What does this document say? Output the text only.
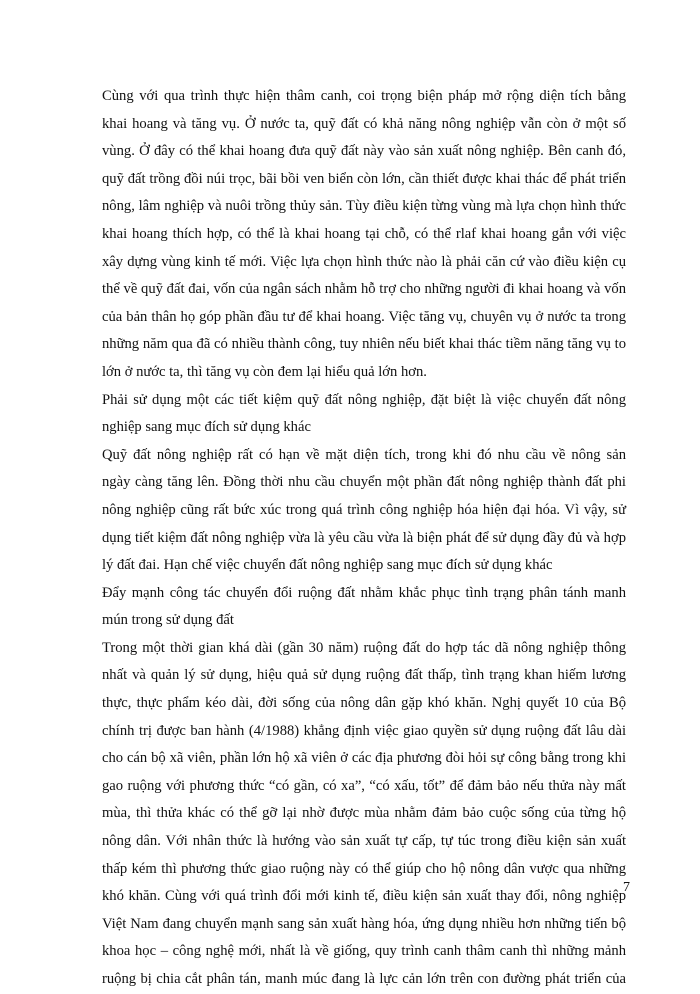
Cùng với qua trình thực hiện thâm canh, coi trọng biện pháp mở rộng diện tích bằng
khai hoang và tăng vụ. Ở nước ta, quỹ đất có khả năng nông nghiệp vẫn còn ở một số
vùng. Ở đây có thể khai hoang đưa quỹ đất này vào sản xuất nông nghiệp. Bên canh đó,
quỹ đất trồng đồi núi trọc, bãi bồi ven biển còn lớn, cần thiết được khai thác để phát triển
nông, lâm nghiệp và nuôi trồng thủy sản. Tùy điều kiện từng vùng mà lựa chọn hình thức
khai hoang thích hợp, có thể là khai hoang tại chỗ, có thể rlaf khai hoang gắn với việc
xây dựng vùng kinh tế mới. Việc lựa chọn hình thức nào là phải căn cứ vào điều kiện cụ
thể về quỹ đất đai, vốn của ngân sách nhằm hỗ trợ cho những người đi khai hoang và vốn
của bản thân họ góp phần đầu tư để khai hoang. Việc tăng vụ, chuyên vụ ở nước ta trong
những năm qua đã có nhiều thành công, tuy nhiên nếu biết khai thác tiềm năng tăng vụ to
lớn ở nước ta, thì tăng vụ còn đem lại hiểu quả lớn hơn.

Phải sử dụng một các tiết kiệm quỹ đất nông nghiệp, đặt biệt là việc chuyển đất nông
nghiệp sang mục đích sử dụng khác

Quỹ đất nông nghiệp rất có hạn về mặt diện tích, trong khi đó nhu cầu về nông sản
ngày càng tăng lên. Đồng thời nhu cầu chuyển một phần đất nông nghiệp thành đất phi
nông nghiệp cũng rất bức xúc trong quá trình công nghiệp hóa hiện đại hóa. Vì vậy, sử
dụng tiết kiệm đất nông nghiệp vừa là yêu cầu vừa là biện phát để sử dụng đầy đủ và hợp
lý đất đai. Hạn chế việc chuyển đất nông nghiệp sang mục đích sử dụng khác

Đẩy mạnh công tác chuyển đổi ruộng đất nhằm khắc phục tình trạng phân tánh manh
mún trong sử dụng đất

Trong một thời gian khá dài (gần 30 năm) ruộng đất do hợp tác dã nông nghiệp thông
nhất và quản lý sử dụng, hiệu quả sử dụng ruộng đất thấp, tình trạng khan hiếm lương
thực, thực phẩm kéo dài, đời sống của nông dân gặp khó khăn. Nghị quyết 10 của Bộ
chính trị được ban hành (4/1988) khẳng định việc giao quyền sử dụng ruộng đất lâu dài
cho cán bộ xã viên, phần lớn hộ xã viên ở các địa phương đòi hỏi sự công bằng trong khi
gao ruộng với phương thức “có gần, có xa”, “có xấu, tốt” để đảm bảo nếu thửa này mất
mùa, thì thửa khác có thể gỡ lại nhờ được mùa nhằm đảm bảo cuộc sống của từng hộ
nông dân. Với nhân thức là hướng vào sản xuất tự cấp, tự túc trong điều kiện sản xuất
thấp kém thì phương thức giao ruộng này có thể giúp cho hộ nông dân vược qua những
khó khăn. Cùng với quá trình đổi mới kinh tế, điều kiện sản xuất thay đổi, nông nghiệp
Việt Nam đang chuyển mạnh sang sản xuất hàng hóa, ứng dụng nhiều hơn những tiến bộ
khoa học – công nghệ mới, nhất là về giống, quy trình canh thâm canh thì những mảnh
ruộng bị chia cắt phân tán, manh múc đang là lực cản lớn trên con đường phát triển của

7
